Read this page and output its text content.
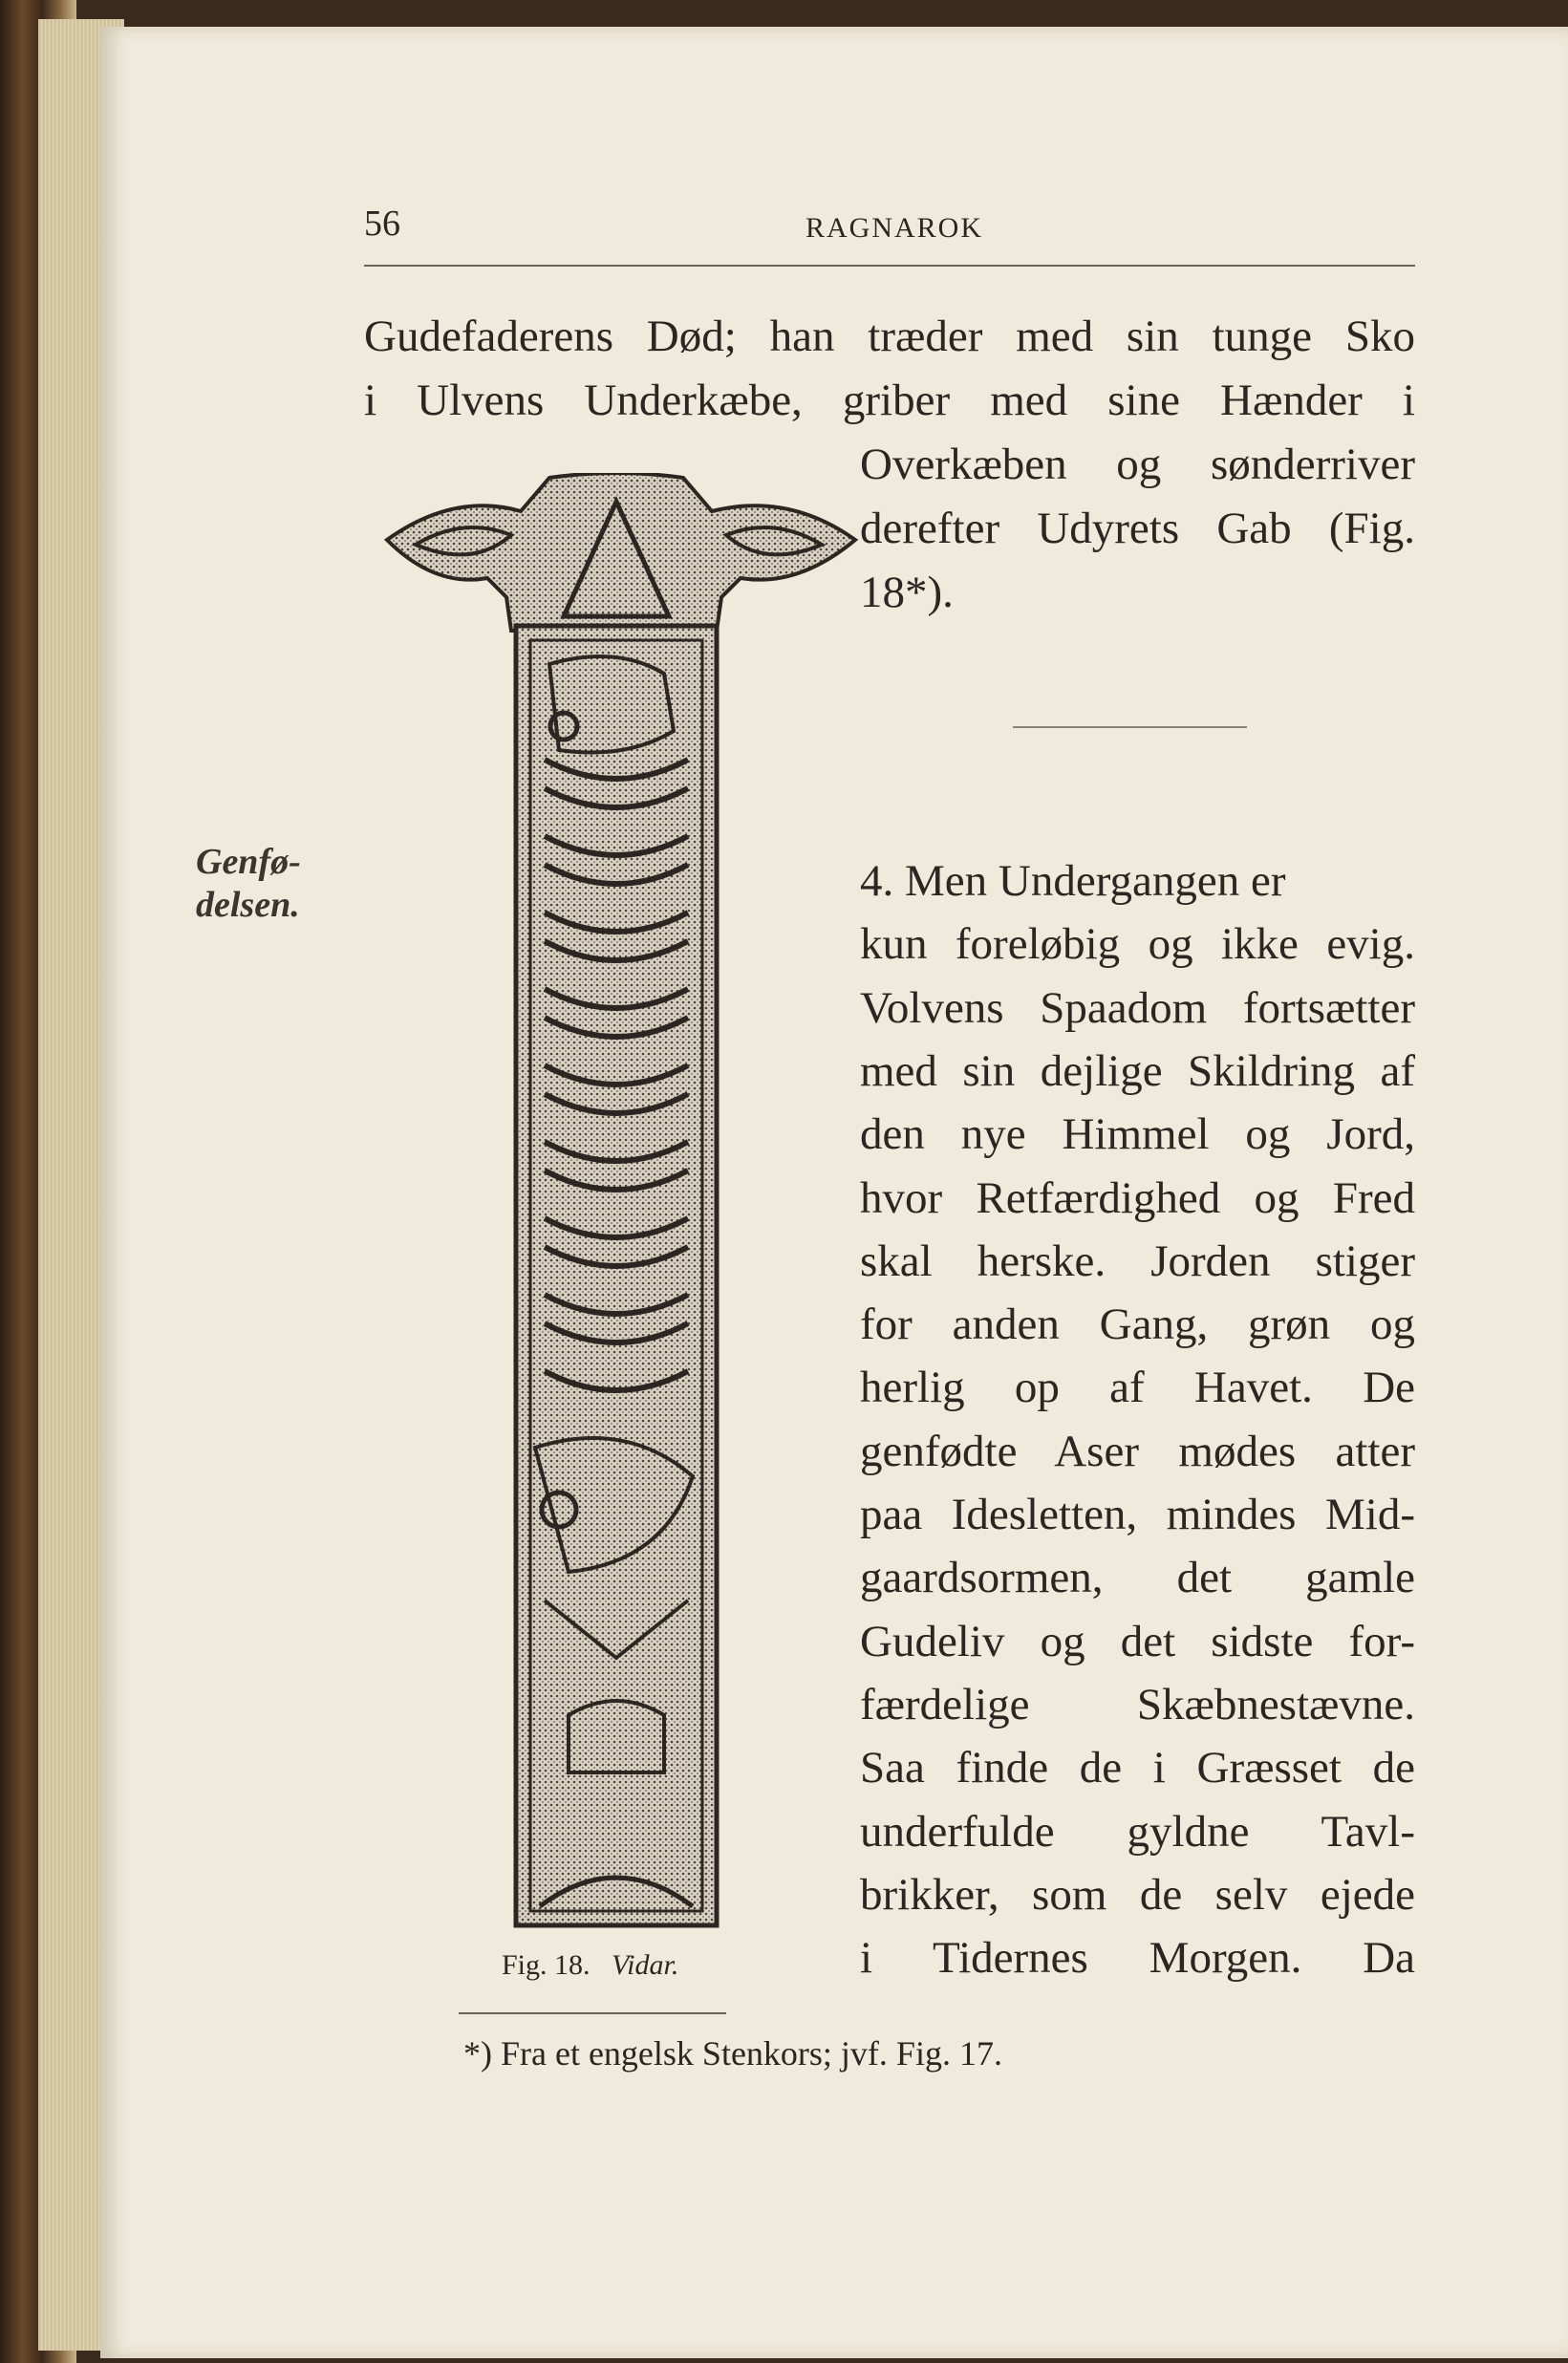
56	RAGNAROK
Gudefaderens Død; han træder med sin tunge Sko
i Ulvens Underkæbe, griber med sine Hænder i
Overkæben og sønderriver
derefter Udyrets Gab (Fig.
18*).
Genfø-
delsen.	4. Men Undergangen er
kun foreløbig og ikke evig.
Volvens Spaadom fortsætter
med sin dejlige Skildring af
den nye Himmel og Jord,
hvor Retfærdighed og Fred
skal herske. Jorden stiger
for anden Gang, grøn og
herlig op af Havet. De
genfødte Aser mødes atter
paa Idesletten, mindes Mid-
gaardsormen, det gamle
Gudeliv og det sidste for-
færdelige Skæbnestævne.
Saa finde de i Græsset de
underfulde gyldne Tavl-
brikker, som de selv ejede
i Tidernes Morgen. Da
Fig. 18. Vidar.
*) Fra et engelsk Stenkors; jvf. Fig. 17.
